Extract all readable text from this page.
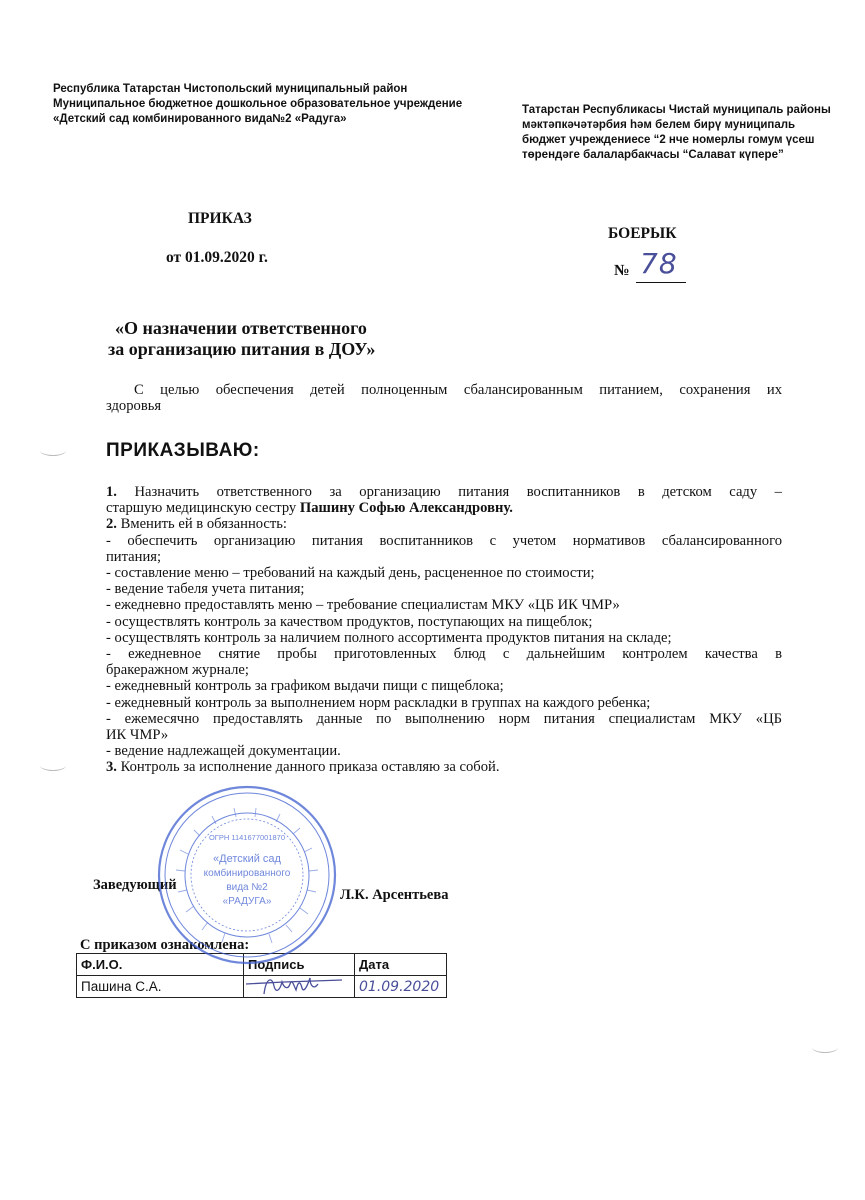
Республика Татарстан Чистопольский муниципальный район
Муниципальное бюджетное дошкольное образовательное учреждение
«Детский сад комбинированного вида№2 «Радуга»
Татарстан Республикасы Чистай муниципаль районы
мәктәпкәчәтәрбия һәм белем бирү муниципаль
бюджет учреждениесе “2 нче номерлы гомум үсеш
төрендәге балаларбакчасы “Салават күпере”
ПРИКАЗ
от 01.09.2020 г.
БОЕРЫК
№ 78
«О назначении ответственного
за организацию питания в ДОУ»
С целью обеспечения детей полноценным сбалансированным питанием, сохранения их
здоровья
ПРИКАЗЫВАЮ:
1. Назначить ответственного за организацию питания воспитанников в детском саду –
старшую медицинскую сестру Пашину Софью Александровну.
2. Вменить ей в обязанность:
- обеспечить организацию питания воспитанников с учетом нормативов сбалансированного
питания;
- составление меню – требований на каждый день, расцененное по стоимости;
- ведение табеля учета питания;
- ежедневно предоставлять меню – требование специалистам МКУ «ЦБ ИК ЧМР»
- осуществлять контроль за качеством продуктов, поступающих на пищеблок;
- осуществлять контроль за наличием полного ассортимента продуктов питания на складе;
- ежедневное снятие пробы приготовленных блюд с дальнейшим контролем качества в
бракеражном журнале;
- ежедневный контроль за графиком выдачи пищи с пищеблока;
- ежедневный контроль за выполнением норм раскладки в группах на каждого ребенка;
- ежемесячно предоставлять данные по выполнению норм питания специалистам МКУ «ЦБ
ИК ЧМР»
- ведение надлежащей документации.
3. Контроль за исполнение данного приказа оставляю за собой.
Заведующий
Л.К. Арсентьева
С приказом ознакомлена:
Ф.И.О.	Подпись	Дата
Пашина С.А.		01.09.2020
ОГРН 1141677001870
«Детский сад
комбинированного
вида №2
«РАДУГА»
